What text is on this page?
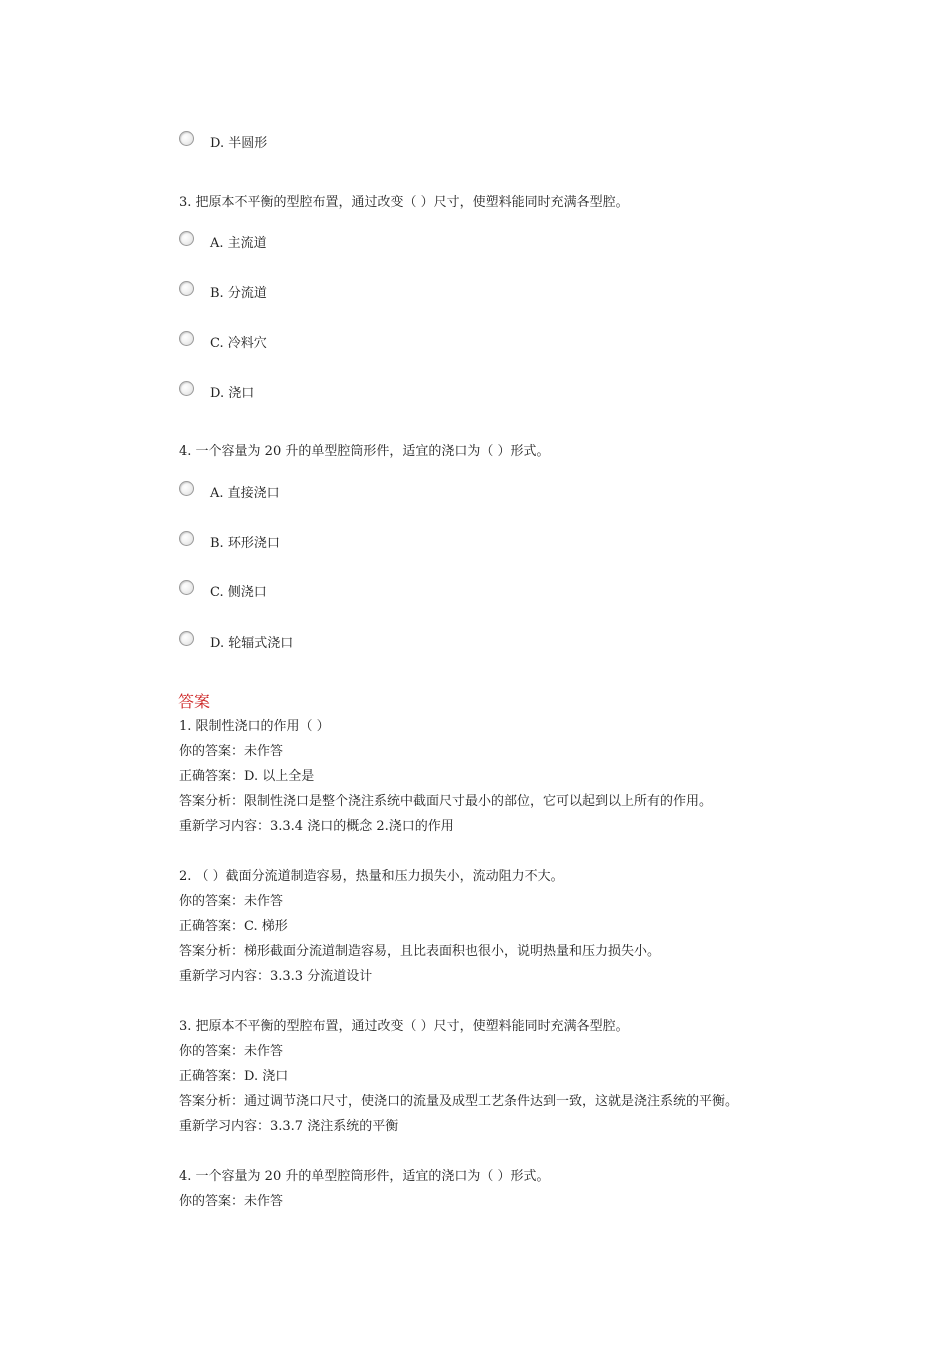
D. 半圆形
3. 把原本不平衡的型腔布置，通过改变（ ）尺寸，使塑料能同时充满各型腔。
A. 主流道
B. 分流道
C. 冷料穴
D. 浇口
4. 一个容量为 20 升的单型腔筒形件，适宜的浇口为（ ）形式。
A. 直接浇口
B. 环形浇口
C. 侧浇口
D. 轮辐式浇口
答案
1. 限制性浇口的作用（ ）
你的答案：未作答
正确答案：D. 以上全是
答案分析：限制性浇口是整个浇注系统中截面尺寸最小的部位，它可以起到以上所有的作用。
重新学习内容：3.3.4 浇口的概念 2.浇口的作用
2. （ ）截面分流道制造容易，热量和压力损失小，流动阻力不大。
你的答案：未作答
正确答案：C. 梯形
答案分析：梯形截面分流道制造容易，且比表面积也很小，说明热量和压力损失小。
重新学习内容：3.3.3 分流道设计
3. 把原本不平衡的型腔布置，通过改变（ ）尺寸，使塑料能同时充满各型腔。
你的答案：未作答
正确答案：D. 浇口
答案分析：通过调节浇口尺寸，使浇口的流量及成型工艺条件达到一致，这就是浇注系统的平衡。
重新学习内容：3.3.7 浇注系统的平衡
4. 一个容量为 20 升的单型腔筒形件，适宜的浇口为（ ）形式。
你的答案：未作答
